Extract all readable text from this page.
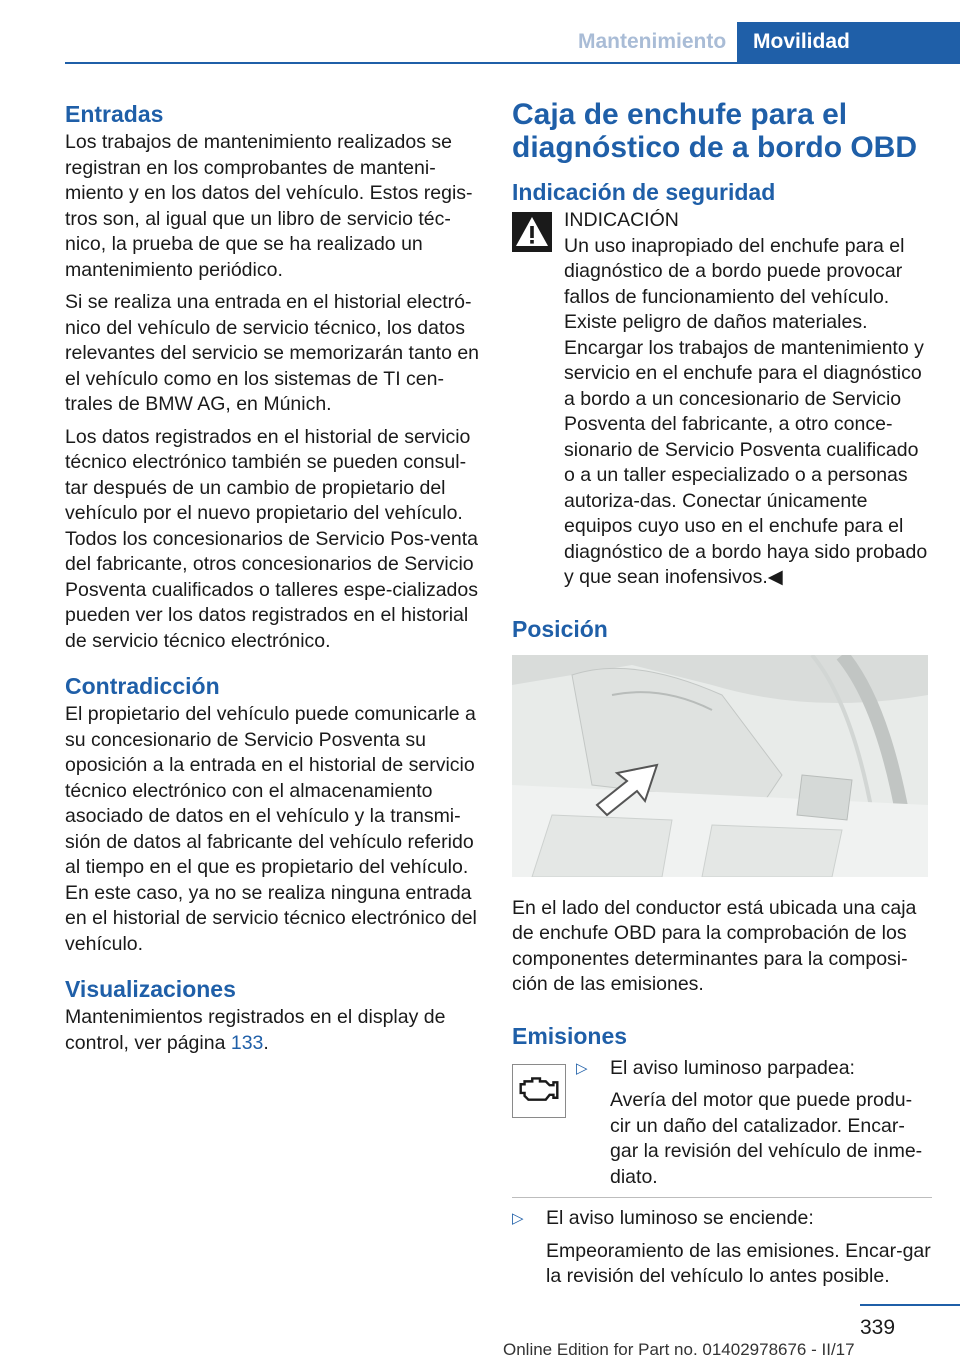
Mantenimiento	Movilidad
Entradas

Los trabajos de mantenimiento realizados se registran en los comprobantes de manteni-miento y en los datos del vehículo. Estos regis-tros son, al igual que un libro de servicio téc-nico, la prueba de que se ha realizado un mantenimiento periódico.

Si se realiza una entrada en el historial electró-nico del vehículo de servicio técnico, los datos relevantes del servicio se memorizarán tanto en el vehículo como en los sistemas de TI cen-trales de BMW AG, en Múnich.

Los datos registrados en el historial de servicio técnico electrónico también se pueden consul-tar después de un cambio de propietario del vehículo por el nuevo propietario del vehículo. Todos los concesionarios de Servicio Pos-venta del fabricante, otros concesionarios de Servicio Posventa cualificados o talleres espe-cializados pueden ver los datos registrados en el historial de servicio técnico electrónico.

Contradicción

El propietario del vehículo puede comunicarle a su concesionario de Servicio Posventa su oposición a la entrada en el historial de servicio técnico electrónico con el almacenamiento asociado de datos en el vehículo y la transmi-sión de datos al fabricante del vehículo referido al tiempo en el que es propietario del vehículo. En este caso, ya no se realiza ninguna entrada en el historial de servicio técnico electrónico del vehículo.

Visualizaciones

Mantenimientos registrados en el display de control, ver página 133.

Caja de enchufe para el diagnóstico de a bordo OBD
Indicación de seguridad

INDICACIÓN

Un uso inapropiado del enchufe para el diagnóstico de a bordo puede provocar fallos de funcionamiento del vehículo. Existe peligro de daños materiales. Encargar los trabajos de mantenimiento y servicio en el enchufe para el diagnóstico a bordo a un concesionario de Servicio Posventa del fabricante, a otro conce-sionario de Servicio Posventa cualificado o a un taller especializado o a personas autoriza-das. Conectar únicamente equipos cuyo uso en el enchufe para el diagnóstico de a bordo haya sido probado y que sean inofensivos.◀

Posición

En el lado del conductor está ubicada una caja de enchufe OBD para la comprobación de los componentes determinantes para la composi-ción de las emisiones.

Emisiones
▷ El aviso luminoso parpadea:

Avería del motor que puede produ-cir un daño del catalizador. Encar-gar la revisión del vehículo de inme-diato.

▷ El aviso luminoso se enciende:

Empeoramiento de las emisiones. Encar-gar la revisión del vehículo lo antes posible.

339
Online Edition for Part no. 01402978676 - II/17
